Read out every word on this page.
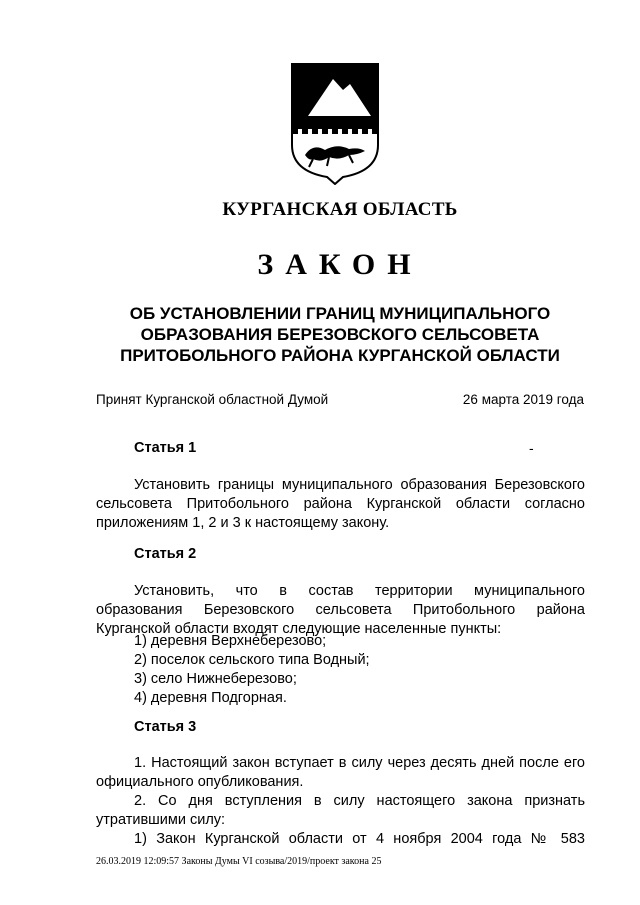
КУРГАНСКАЯ ОБЛАСТЬ
ЗАКОН
ОБ УСТАНОВЛЕНИИ ГРАНИЦ МУНИЦИПАЛЬНОГО
ОБРАЗОВАНИЯ БЕРЕЗОВСКОГО СЕЛЬСОВЕТА
ПРИТОБОЛЬНОГО РАЙОНА КУРГАНСКОЙ ОБЛАСТИ
Принят Курганской областной Думой	26 марта 2019 года
Статья 1	-
Установить границы муниципального образования Березовского сельсовета Притобольного района Курганской области согласно приложениям 1, 2 и 3 к настоящему закону.
Статья 2
Установить, что в состав территории муниципального образования Березовского сельсовета Притобольного района Курганской области входят следующие населенные пункты:
1) деревня Верхнеберезово;
2) поселок сельского типа Водный;
3) село Нижнеберезово;
4) деревня Подгорная.
Статья 3
1. Настоящий закон вступает в силу через десять дней после его официального опубликования.
2. Со дня вступления в силу настоящего закона признать утратившими силу:
1) Закон Курганской области от 4 ноября 2004 года № 583
26.03.2019 12:09:57 Законы Думы VI созыва/2019/проект закона 25
